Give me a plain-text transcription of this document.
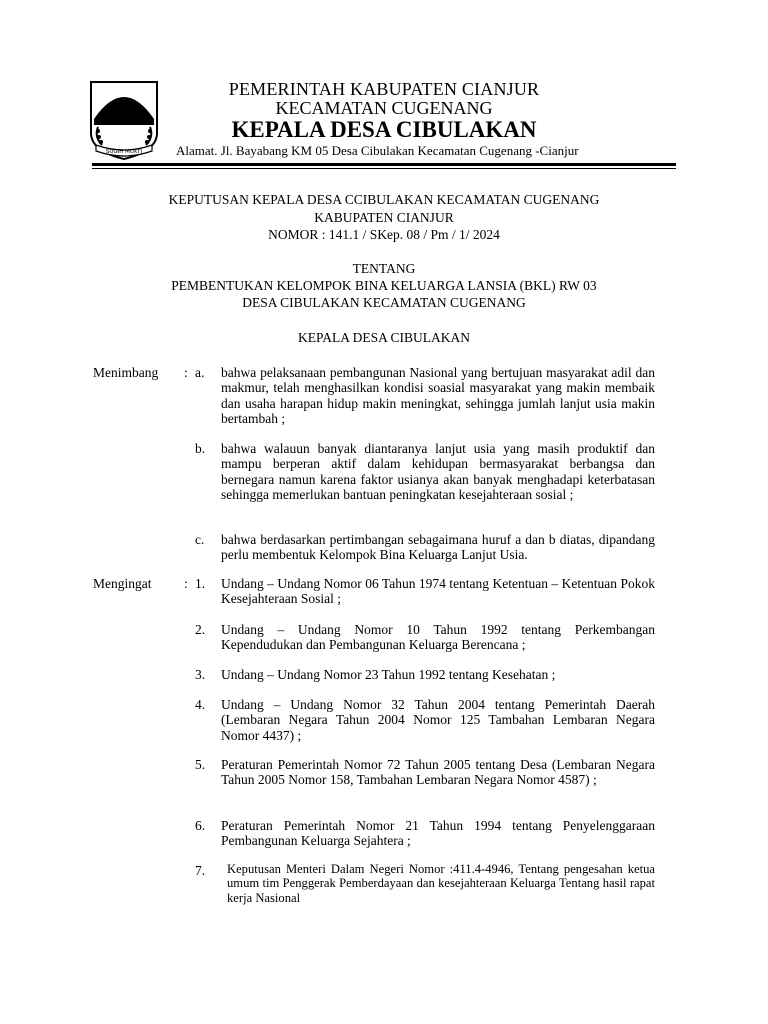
SUGIH MUKTI
PEMERINTAH KABUPATEN CIANJUR
KECAMATAN CUGENANG
KEPALA DESA CIBULAKAN
Alamat. Jl. Bayabang KM 05 Desa Cibulakan Kecamatan Cugenang -Cianjur
KEPUTUSAN KEPALA DESA CCIBULAKAN KECAMATAN CUGENANG
KABUPATEN CIANJUR
NOMOR : 141.1 / SKep. 08 / Pm / 1/ 2024
TENTANG
PEMBENTUKAN KELOMPOK BINA KELUARGA LANSIA (BKL) RW 03
DESA CIBULAKAN KECAMATAN CUGENANG
KEPALA DESA CIBULAKAN
Menimbang : a. bahwa pelaksanaan pembangunan Nasional yang bertujuan masyarakat adil dan makmur, telah menghasilkan kondisi soasial masyarakat yang makin membaik dan usaha harapan hidup makin meningkat, sehingga jumlah lanjut usia makin bertambah ;
b. bahwa walauun banyak diantaranya lanjut usia yang masih produktif dan mampu berperan aktif dalam kehidupan bermasyarakat berbangsa dan bernegara namun karena faktor usianya akan banyak menghadapi keterbatasan sehingga memerlukan bantuan peningkatan kesejahteraan sosial ;
c. bahwa berdasarkan pertimbangan sebagaimana huruf a dan b diatas, dipandang perlu membentuk Kelompok Bina Keluarga Lanjut Usia.
Mengingat : 1. Undang – Undang Nomor 06 Tahun 1974 tentang Ketentuan – Ketentuan Pokok Kesejahteraan Sosial ;
2. Undang – Undang Nomor 10 Tahun 1992 tentang Perkembangan Kependudukan dan Pembangunan Keluarga Berencana ;
3. Undang – Undang Nomor 23 Tahun 1992 tentang Kesehatan ;
4. Undang – Undang Nomor 32 Tahun 2004 tentang Pemerintah Daerah (Lembaran Negara Tahun 2004 Nomor 125 Tambahan Lembaran Negara Nomor 4437) ;
5. Peraturan Pemerintah Nomor 72 Tahun 2005 tentang Desa (Lembaran Negara Tahun 2005 Nomor 158, Tambahan Lembaran Negara Nomor 4587) ;
6. Peraturan Pemerintah Nomor 21 Tahun 1994 tentang Penyelenggaraan Pembangunan Keluarga Sejahtera ;
7. Keputusan Menteri Dalam Negeri Nomor :411.4-4946, Tentang pengesahan ketua umum tim Penggerak Pemberdayaan dan kesejahteraan Keluarga Tentang hasil rapat kerja Nasional
